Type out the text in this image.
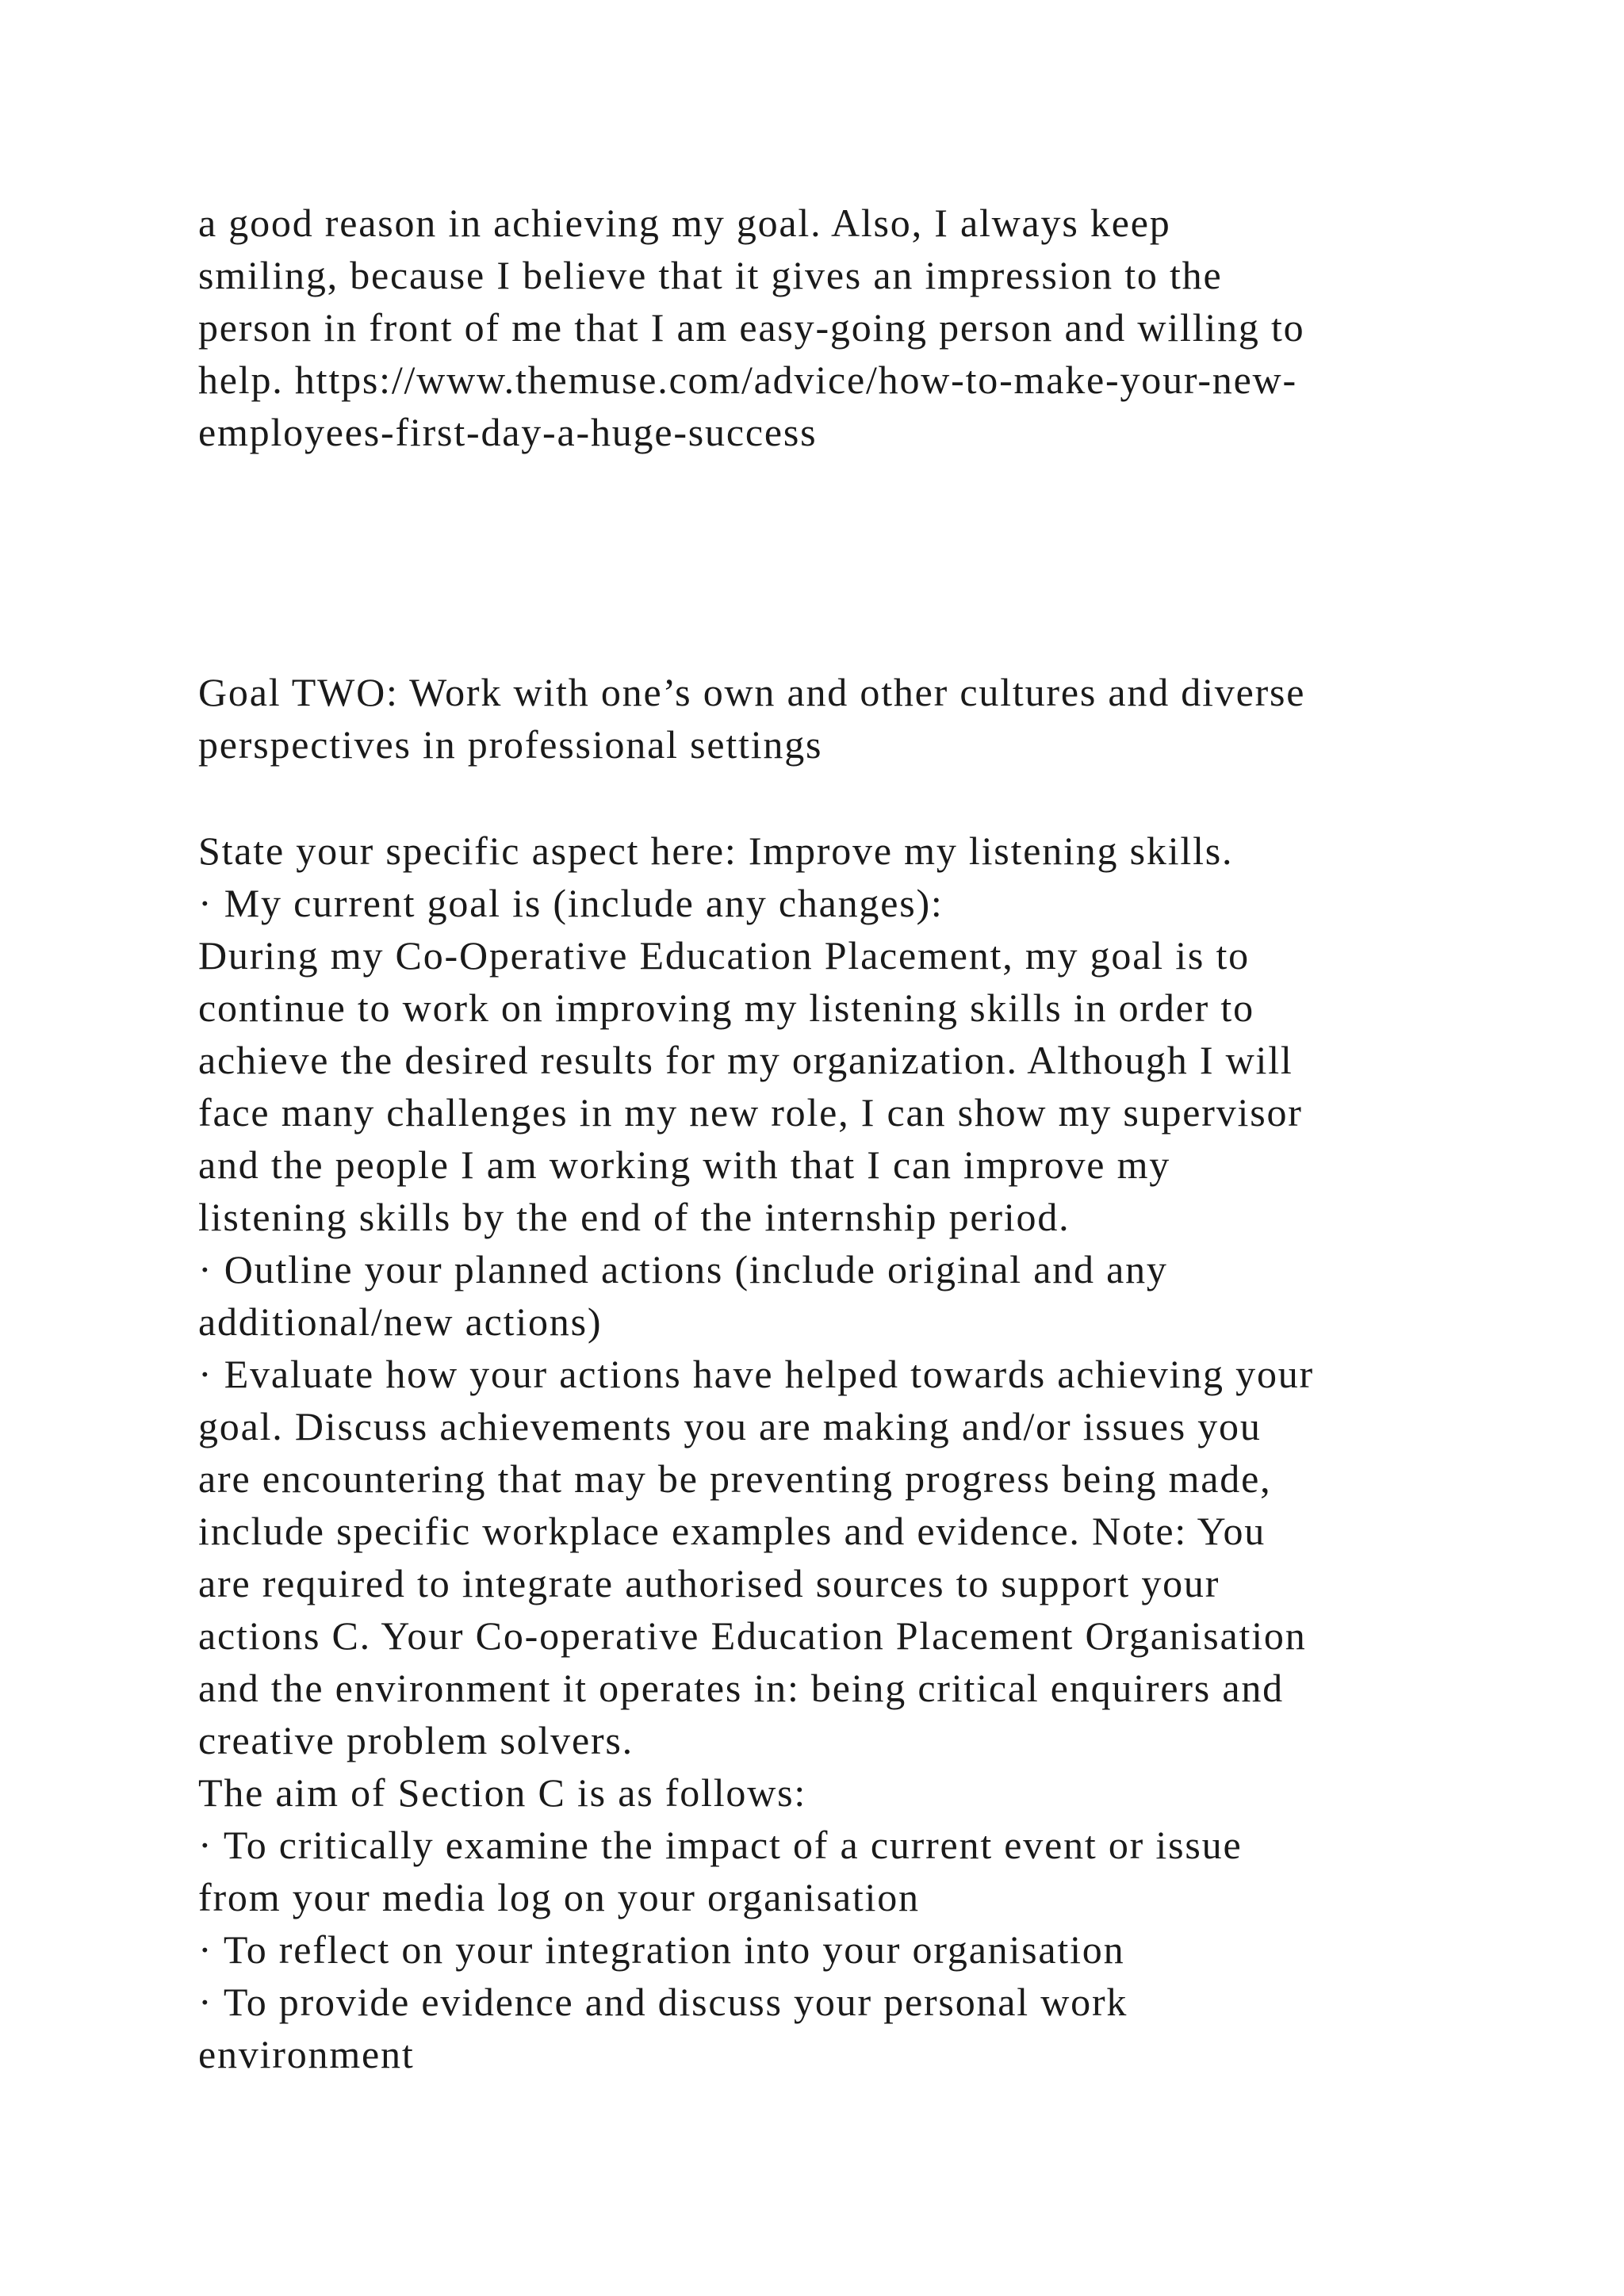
a good reason in achieving my goal. Also, I always keep

smiling, because I believe that it gives an impression to the

person in front of me that I am easy-going person and willing to

help. https://www.themuse.com/advice/how-to-make-your-new-

employees-first-day-a-huge-success

Goal TWO: Work with one’s own and other cultures and diverse

perspectives in professional settings

State your specific aspect here: Improve my listening skills.

· My current goal is (include any changes):

During my Co-Operative Education Placement, my goal is to

continue to work on improving my listening skills in order to

achieve the desired results for my organization. Although I will

face many challenges in my new role, I can show my supervisor

and the people I am working with that I can improve my

listening skills by the end of the internship period.

· Outline your planned actions (include original and any

additional/new actions)

· Evaluate how your actions have helped towards achieving your

goal. Discuss achievements you are making and/or issues you

are encountering that may be preventing progress being made,

include specific workplace examples and evidence. Note: You

are required to integrate authorised sources to support your

actions C. Your Co-operative Education Placement Organisation

and the environment it operates in: being critical enquirers and

creative problem solvers.

The aim of Section C is as follows:

· To critically examine the impact of a current event or issue

from your media log on your organisation

· To reflect on your integration into your organisation

· To provide evidence and discuss your personal work

environment
